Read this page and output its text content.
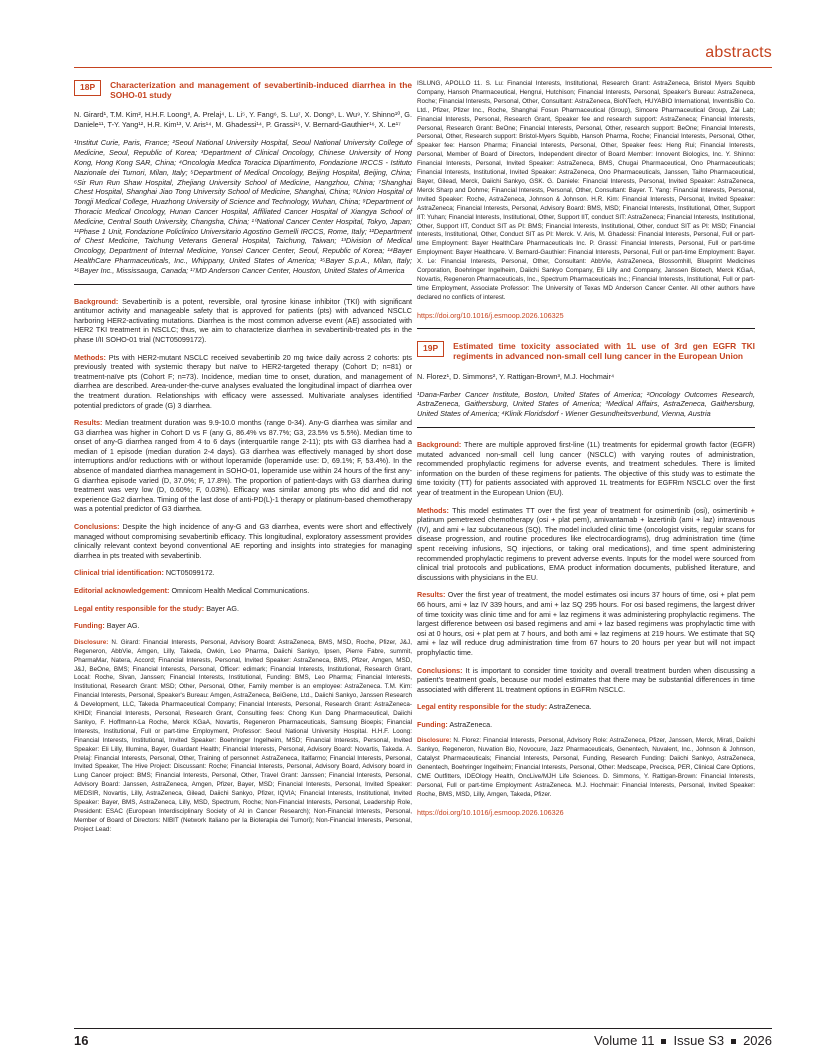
abstracts
18P	Characterization and management of sevabertinib-induced diarrhea in the SOHO-01 study
N. Girard¹, T.M. Kim², H.H.F. Loong³, A. Prelaj⁴, L. Li⁵, Y. Fang⁶, S. Lu⁷, X. Dong⁸, L. Wu⁹, Y. Shinno¹⁰, G. Daniele¹¹, T-Y. Yang¹², H.R. Kim¹³, V. Aris¹⁴, M. Ghadessi¹⁴, P. Grassi¹⁵, V. Bernard-Gauthier¹⁶, X. Le¹⁷
¹Institut Curie, Paris, France; ²Seoul National University Hospital, Seoul National University College of Medicine, Seoul, Republic of Korea; ³Department of Clinical Oncology, Chinese University of Hong Kong, Hong Kong SAR, China; ⁴Oncologia Medica Toracica Dipartimento, Fondazione IRCCS - Istituto Nazionale dei Tumori, Milan, Italy; ⁵Department of Medical Oncology, Beijing Hospital, Beijing, China; ⁶Sir Run Run Shaw Hospital, Zhejiang University School of Medicine, Hangzhou, China; ⁷Shanghai Chest Hospital, Shanghai Jiao Tong University School of Medicine, Shanghai, China; ⁸Union Hospital of Tongji Medical College, Huazhong University of Science and Technology, Wuhan, China; ⁹Department of Thoracic Medical Oncology, Hunan Cancer Hospital, Affiliated Cancer Hospital of Xiangya School of Medicine, Central South University, Changsha, China; ¹⁰National Cancer Center Hospital, Tokyo, Japan; ¹¹Phase 1 Unit, Fondazione Policlinico Universitario Agostino Gemelli IRCCS, Rome, Italy; ¹²Department of Chest Medicine, Taichung Veterans General Hospital, Taichung, Taiwan; ¹³Division of Medical Oncology, Department of Internal Medicine, Yonsei Cancer Center, Seoul, Republic of Korea; ¹⁴Bayer HealthCare Pharmaceuticals, Inc., Whippany, United States of America; ¹⁵Bayer S.p.A., Milan, Italy; ¹⁶Bayer Inc., Mississauga, Canada; ¹⁷MD Anderson Cancer Center, Houston, United States of America

Background: Sevabertinib is a potent, reversible, oral tyrosine kinase inhibitor (TKI) with significant antitumor activity and manageable safety that is approved for patients (pts) with advanced NSCLC harboring HER2-activating mutations. Diarrhea is the most common adverse event (AE) associated with HER2 TKI treatment in NSCLC; thus, we aim to characterize diarrhea in sevabertinib-treated pts in the phase I/II SOHO-01 trial (NCT05099172).

Methods: Pts with HER2-mutant NSCLC received sevabertinib 20 mg twice daily across 2 cohorts: pts previously treated with systemic therapy but naïve to HER2-targeted therapy (Cohort D; n=81) or treatment-naïve pts (Cohort F; n=73). Incidence, median time to onset, duration, and management of diarrhea are described. Area-under-the-curve analyses evaluated the longitudinal impact of diarrhea over the treatment duration. Relationships with efficacy were assessed. Multivariate analyses identified potential predictors of grade (G) 3 diarrhea.

Results: Median treatment duration was 9.9-10.0 months (range 0-34). Any-G diarrhea was similar and G3 diarrhea was higher in Cohort D vs F (any G, 86.4% vs 87.7%; G3, 23.5% vs 5.5%). Median time to onset of any-G diarrhea ranged from 4 to 6 days (interquartile range 2-11); pts with G3 diarrhea had a median of 1 episode (median duration 2-4 days). G3 diarrhea was effectively managed by short dose interruptions and/or reductions with or without loperamide (loperamide use: D, 69.1%; F, 53.4%). In the absence of mandated diarrhea management in SOHO-01, loperamide use within 24 hours of the first any-G diarrhea episode varied (D, 37.0%; F, 17.8%). The proportion of patient-days with G3 diarrhea during treatment was very low (D, 0.60%; F, 0.03%). Efficacy was similar among pts who did and did not experience G≥2 diarrhea. Timing of the last dose of anti-PD(L)-1 therapy or platinum-based chemotherapy was a potential predictor of G3 diarrhea.

Conclusions: Despite the high incidence of any-G and G3 diarrhea, events were short and effectively managed without compromising sevabertinib efficacy. This longitudinal, exploratory assessment provides clinically relevant context beyond conventional AE reporting and insights into strategies for managing diarrhea in pts treated with sevabertinib.

Clinical trial identification: NCT05099172.

Editorial acknowledgement: Omnicom Health Medical Communications.

Legal entity responsible for the study: Bayer AG.

Funding: Bayer AG.

Disclosure: N. Girard: Financial Interests, Personal, Advisory Board: AstraZeneca, BMS, MSD, Roche, Pfizer, J&J, Regeneron, AbbVie, Amgen, Lilly, Takeda, Owkin, Leo Pharma, Daiichi Sankyo, Ipsen, Pierre Fabre, summit, PharmaMar, Natera, Accord; Financial Interests, Personal, Invited Speaker: AstraZeneca, BMS, Pfizer, Amgen, MSD, J&J, BeOne, BMS; Financial Interests, Personal, Officer: edimark; Financial Interests, Institutional, Research Grant, Local: Roche, Sivan, Janssen; Financial Interests, Institutional, Funding: BMS, Leo Pharma; Financial Interests, Institutional, Research Grant: MSD; Other, Personal, Other, Family member is an employee: AstraZeneca. T.M. Kim: Financial Interests, Personal, Speaker's Bureau: Amgen, AstraZeneca, BeiGene, Ltd., Daiichi Sankyo, Janssen Research & Development, LLC, Takeda Pharmaceutical Company; Financial Interests, Personal, Research Grant: AstraZeneca-KHIDI; Financial Interests, Personal, Research Grant, Consulting fees: Chong Kun Dang Pharmaceutical, Daiichi Sankyo, F. Hoffmann-La Roche, Merck KGaA, Novartis, Regeneron Pharmaceuticals, Samsung Bioepis; Financial Interests, Institutional, Full or part-time Employment, Professor: Seoul National University Hospital. H.H.F. Loong: Financial Interests, Institutional, Invited Speaker: Boehringer Ingelheim, MSD; Financial Interests, Personal, Invited Speaker: Eli Lilly, Illumina, Bayer, Guardant Health; Financial Interests, Personal, Advisory Board: Novartis, Takeda. A. Prelaj: Financial Interests, Personal, Other, Training of personnel: AstraZeneca, Italfarmo; Financial Interests, Personal, Invited Speaker, The Hive Project: Discussant: Roche; Financial Interests, Personal, Advisory Board, Advisory board in Lung Cancer project: BMS; Financial Interests, Personal, Other, Travel Grant: Janssen; Financial Interests, Personal, Advisory Board: Janssen, AstraZeneca, Amgen, Pfizer, Bayer, MSD; Financial Interests, Personal, Invited Speaker: MEDSIR, Novartis, Lilly, AstraZeneca, Gilead, Daiichi Sankyo, Pfizer, IQVIA; Financial Interests, Institutional, Invited Speaker: Bayer, BMS, AstraZeneca, Lilly, MSD, Spectrum, Roche; Non-Financial Interests, Personal, Leadership Role, President: ESAC (European Interdisciplinary Society of AI in Cancer Research); Non-Financial Interests, Personal, Member of Board of Directors: NIBIT (Network Italiano per la Bioterapia dei Tumori); Non-Financial Interests, Personal, Project Lead:

ISLUNG, APOLLO 11. S. Lu: Financial Interests, Institutional, Research Grant: AstraZeneca, Bristol Myers Squibb Company, Hansoh Pharmaceutical, Hengrui, Hutchison; Financial Interests, Personal, Speaker's Bureau: AstraZeneca, Roche; Financial Interests, Personal, Other, Consultant: AstraZeneca, BioNTech, HUYABIO International, InventisBio Co. Ltd., Pfizer, Pfizer Inc., Roche, Shanghai Fosun Pharmaceutical (Group), Simcere Pharmaceutical Group, Zai Lab; Financial Interests, Personal, Research Grant, Speaker fee and research support: AstraZeneca; Financial Interests, Personal, Research Grant: BeOne; Financial Interests, Personal, Other, research support: BeOne; Financial Interests, Personal, Other, Research support: Bristol-Myers Squibb, Hansoh Pharma, Roche; Financial Interests, Personal, Other, Speaker fee: Hanson Pharma; Financial Interests, Personal, Other, Speaker fees: Heng Rui; Financial Interests, Personal, Member of Board of Directors, Independent director of Board Member: Innovent Biologics, Inc. Y. Shinno: Financial Interests, Personal, Invited Speaker: AstraZeneca, BMS, Chugai Pharmaceutical, Ono Pharmaceuticals; Financial Interests, Institutional, Invited Speaker: AstraZeneca, Ono Pharmaceuticals, Janssen, Taiho Pharmaceutical, Bayer, Gilead, Merck, Daiichi Sankyo, GSK. G. Daniele: Financial Interests, Personal, Invited Speaker: AstraZeneca, Merck Sharp and Dohme; Financial Interests, Personal, Other, Consultant: Bayer. T. Yang: Financial Interests, Personal, Invited Speaker: Roche, AstraZeneca, Johnson & Johnson. H.R. Kim: Financial Interests, Personal, Invited Speaker: AstraZeneca; Financial Interests, Personal, Advisory Board: BMS, MSD; Financial Interests, Institutional, Other, Support IIT: Yuhan; Financial Interests, Institutional, Other, Support IIT, conduct SIT: AstraZeneca; Financial Interests, Institutional, Other, Support IIT, Conduct SIT as PI: BMS; Financial Interests, Institutional, Other, conduct SIT as PI: MSD; Financial Interests, Institutional, Other, Conduct SIT as PI: Merck. V. Aris, M. Ghadessi: Financial Interests, Personal, Full or part-time Employment: Bayer HealthCare Pharmaceuticals Inc. P. Grassi: Financial Interests, Personal, Full or part-time Employment: Bayer Healthcare. V. Bernard-Gauthier: Financial Interests, Personal, Full or part-time Employment: Bayer. X. Le: Financial Interests, Personal, Other, Consultant: AbbVie, AstraZeneca, Blossomhill, Blueprint Medicines Corporation, Boehringer Ingelheim, Daiichi Sankyo Company, Eli Lilly and Company, Janssen Biotech, Merck KGaA, Novartis, Regeneron Pharmaceuticals, Inc., Spectrum Pharmaceuticals Inc.; Financial Interests, Institutional, Full or part-time Employment, Associate Professor: The University of Texas MD Anderson Cancer Center. All other authors have declared no conflicts of interest.

https://doi.org/10.1016/j.esmoop.2026.106325

19P	Estimated time toxicity associated with 1L use of 3rd gen EGFR TKI regiments in advanced non-small cell lung cancer in the European Union
N. Florez¹, D. Simmons², Y. Rattigan-Brown³, M.J. Hochmair⁴
¹Dana-Farber Cancer Institute, Boston, United States of America; ²Oncology Outcomes Research, AstraZeneca, Gaithersburg, United States of America; ³Medical Affairs, AstraZeneca, Gaithersburg, United States of America; ⁴Klinik Floridsdorf - Wiener Gesundheitsverbund, Vienna, Austria

Background: There are multiple approved first-line (1L) treatments for epidermal growth factor (EGFR) mutated advanced non-small cell lung cancer (NSCLC) with varying routes of administration, recommended prophylactic regimens for adverse events, and treatment schedules. There is limited information on the burden of these regimens for patients. The objective of this study was to estimate the time toxicity (TT) for patients associated with approved 1L treatments for EGFRm NSCLC over the first year of treatment in the European Union (EU).

Methods: This model estimates TT over the first year of treatment for osimertinib (osi), osimertinib + platinum pemetrexed chemotherapy (osi + plat pem), amivantamab + lazertinib (ami + laz) intravenous (IV), and ami + laz subcutaneous (SQ). The model included clinic time (oncologist visits, regular scans for disease progression, and routine procedures like electrocardiograms), drug administration time (time spent receiving infusions, SQ injections, or taking oral medications), and time spent administering recommended prophylactic regimens to prevent adverse events. Inputs for the model were sourced from clinical trial protocols and publications, EMA product information documents, published literature, and discussions with physicians in the EU.

Results: Over the first year of treatment, the model estimates osi incurs 37 hours of time, osi + plat pem 66 hours, ami + laz IV 339 hours, and ami + laz SQ 295 hours. For osi based regimens, the largest driver of time toxicity was clinic time and for ami + laz regimens it was administering prophylactic regimens. The largest difference between osi based regimens and ami + laz based regimens was prophylactic time with osi at 0 hours, osi + plat pem at 7 hours, and both ami + laz regimens at 219 hours. We estimate that SQ ami + laz will reduce drug administration time from 67 hours to 20 hours per year but will not impact prophylactic time.

Conclusions: It is important to consider time toxicity and overall treatment burden when discussing a patient's treatment goals, because our model estimates that there may be substantial differences in time associated with different 1L treatment options in EGFRm NSCLC.

Legal entity responsible for the study: AstraZeneca.

Funding: AstraZeneca.

Disclosure: N. Florez: Financial Interests, Personal, Advisory Role: AstraZeneca, Pfizer, Janssen, Merck, Mirati, Daiichi Sankyo, Regeneron, Nuvation Bio, Novocure, Jazz Pharmaceuticals, Genentech, Nuvalent, Inc., Johnson & Johnson, Catalyst Pharmaceuticals; Financial Interests, Personal, Funding, Research Funding: Daiichi Sankyo, AstraZeneca, Genentech, Boehringer Ingelheim; Financial Interests, Personal, Other: Medscape, Precisca, PER, Clinical Care Options, CME Outfitters, IDEOlogy Health, OncLive/MJH Life Sciences. D. Simmons, Y. Rattigan-Brown: Financial Interests, Personal, Full or part-time Employment: AstraZeneca. M.J. Hochmair: Financial Interests, Personal, Invited Speaker: Roche, BMS, MSD, Lilly, Amgen, Takeda, Pfizer.

https://doi.org/10.1016/j.esmoop.2026.106326

16	Volume 11 Issue S3 2026
